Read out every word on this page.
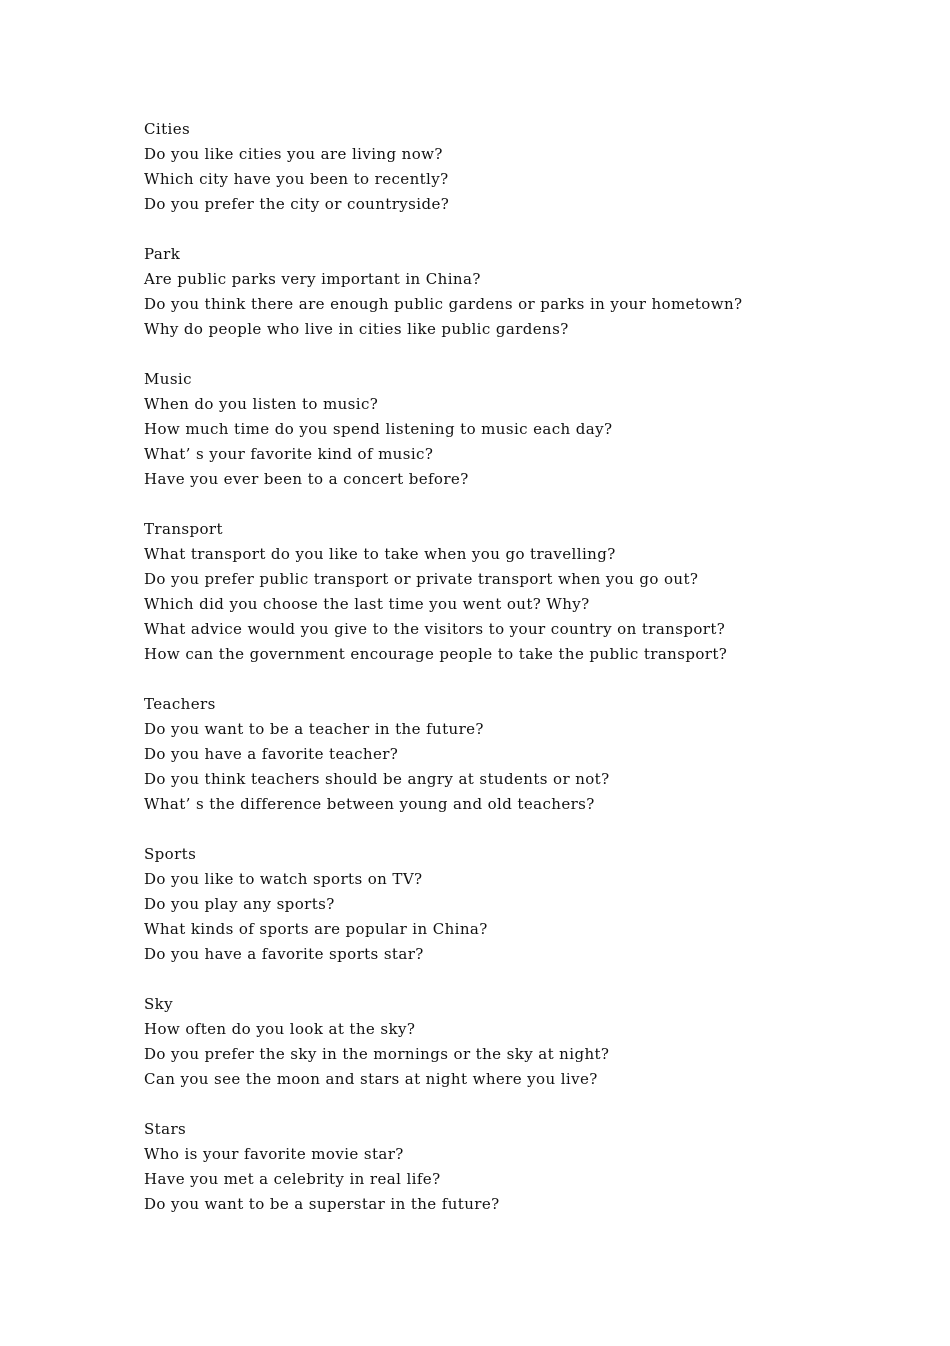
Cities
Do you like cities you are living now?
Which city have you been to recently?
Do you prefer the city or countryside?
Park
Are public parks very important in China?
Do you think there are enough public gardens or parks in your hometown?
Why do people who live in cities like public gardens?
Music
When do you listen to music?
How much time do you spend listening to music each day?
What’ s your favorite kind of music?
Have you ever been to a concert before?
Transport
What transport do you like to take when you go travelling?
Do you prefer public transport or private transport when you go out?
Which did you choose the last time you went out? Why?
What advice would you give to the visitors to your country on transport?
How can the government encourage people to take the public transport?
Teachers
Do you want to be a teacher in the future?
Do you have a favorite teacher?
Do you think teachers should be angry at students or not?
What’ s the difference between young and old teachers?
Sports
Do you like to watch sports on TV?
Do you play any sports?
What kinds of sports are popular in China?
Do you have a favorite sports star?
Sky
How often do you look at the sky?
Do you prefer the sky in the mornings or the sky at night?
Can you see the moon and stars at night where you live?
Stars
Who is your favorite movie star?
Have you met a celebrity in real life?
Do you want to be a superstar in the future?
